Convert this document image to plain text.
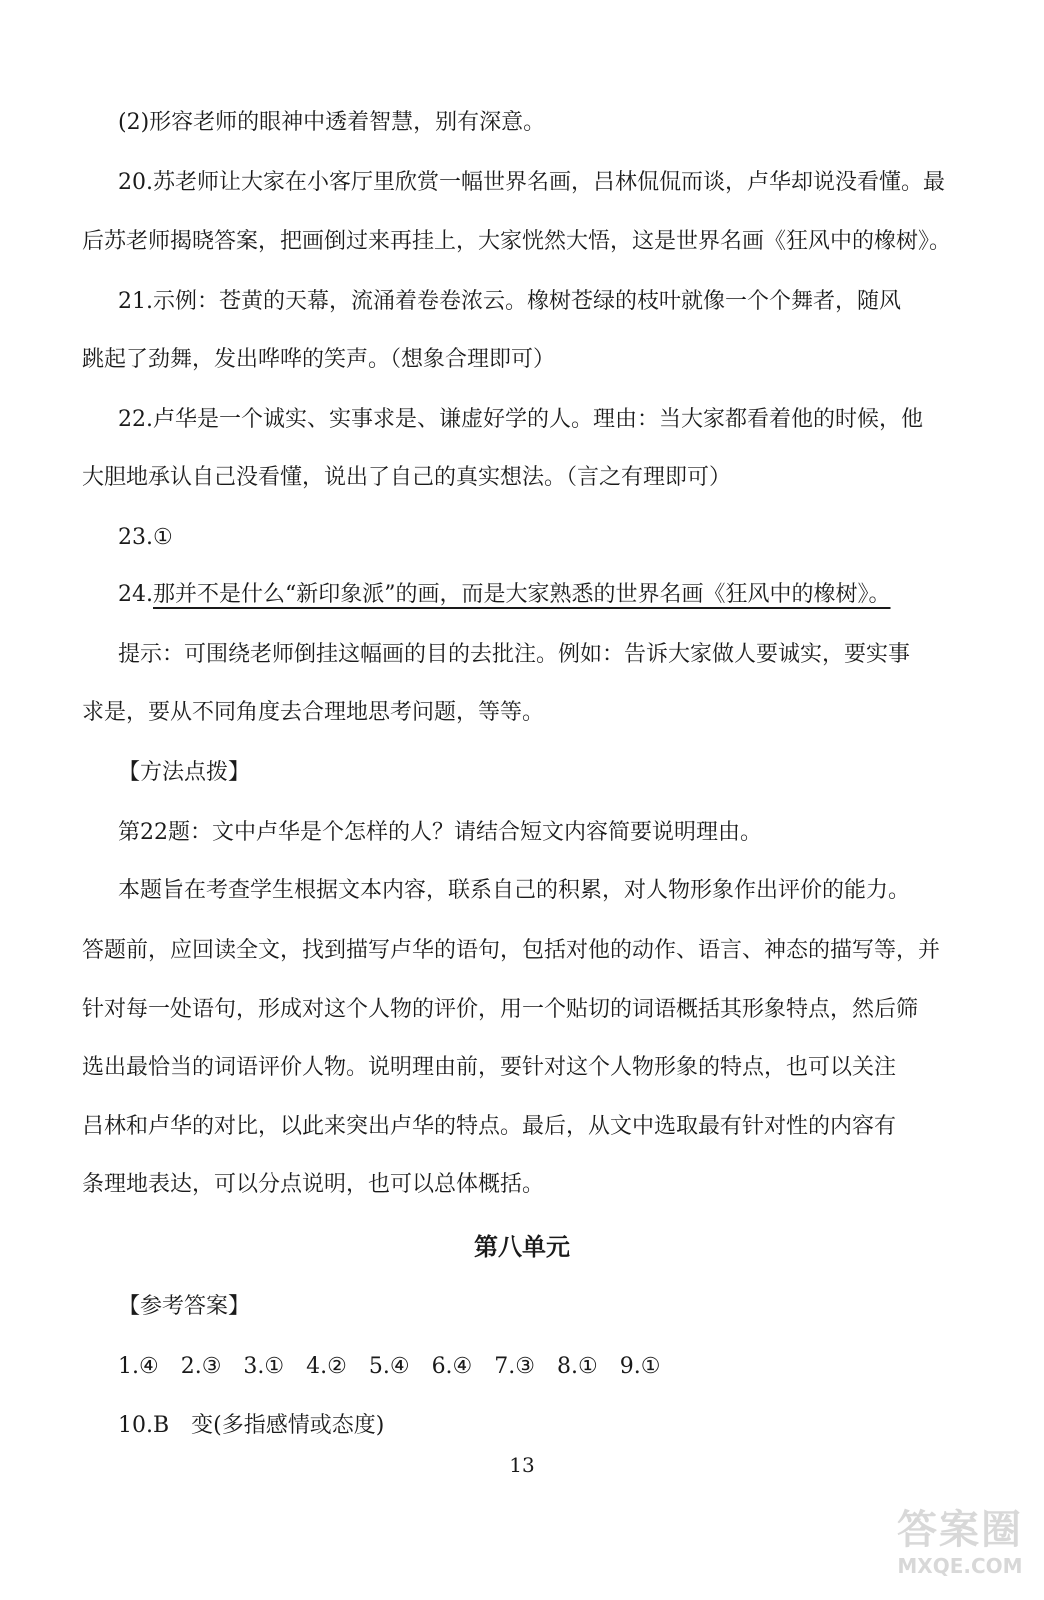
(2)形容老师的眼神中透着智慧，别有深意。
20.苏老师让大家在小客厅里欣赏一幅世界名画，吕林侃侃而谈，卢华却说没看懂。最
后苏老师揭晓答案，把画倒过来再挂上，大家恍然大悟，这是世界名画《狂风中的橡树》。
21.示例：苍黄的天幕，流涌着卷卷浓云。橡树苍绿的枝叶就像一个个舞者，随风
跳起了劲舞，发出哗哗的笑声。（想象合理即可）
22.卢华是一个诚实、实事求是、谦虚好学的人。理由：当大家都看着他的时候，他
大胆地承认自己没看懂，说出了自己的真实想法。（言之有理即可）
23.①
24.那并不是什么“新印象派”的画，而是大家熟悉的世界名画《狂风中的橡树》。
提示：可围绕老师倒挂这幅画的目的去批注。例如：告诉大家做人要诚实，要实事
求是，要从不同角度去合理地思考问题，等等。
【方法点拨】
第22题：文中卢华是个怎样的人？请结合短文内容简要说明理由。
本题旨在考查学生根据文本内容，联系自己的积累，对人物形象作出评价的能力。
答题前，应回读全文，找到描写卢华的语句，包括对他的动作、语言、神态的描写等，并
针对每一处语句，形成对这个人物的评价，用一个贴切的词语概括其形象特点，然后筛
选出最恰当的词语评价人物。说明理由前，要针对这个人物形象的特点，也可以关注
吕林和卢华的对比，以此来突出卢华的特点。最后，从文中选取最有针对性的内容有
条理地表达，可以分点说明，也可以总体概括。
第八单元
【参考答案】
1.④　2.③　3.①　4.②　5.④　6.④　7.③　8.①　9.①
10.B　变(多指感情或态度)
13
答案圈
MXQE.COM
